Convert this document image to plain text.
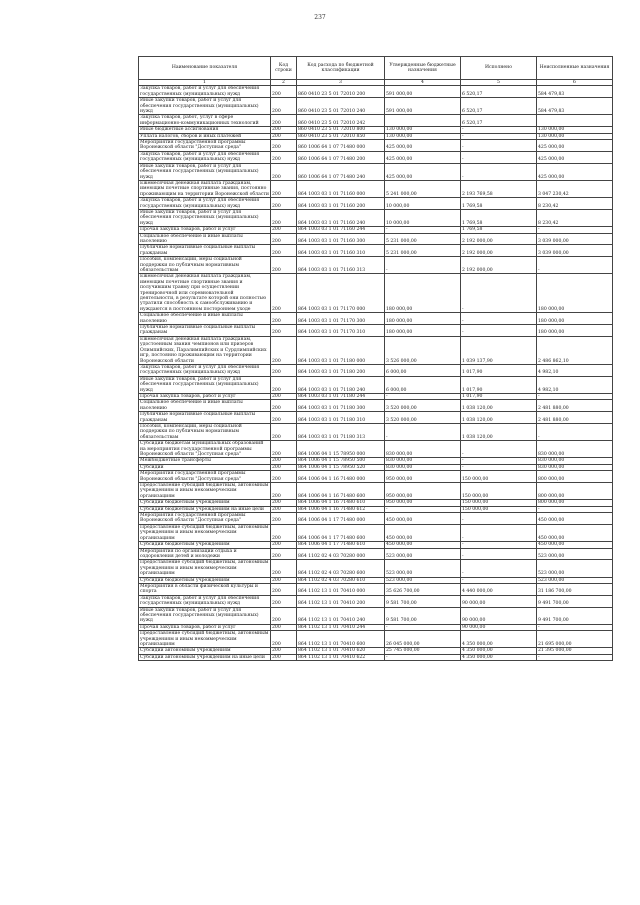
237
Наименование показателя	Код строки	Код расхода по бюджетной классификации	Утвержденные бюджетные назначения	Исполнено	Неисполненные назначения
1	2	3	4	5	6
Закупка товаров, работ и услуг для обеспечения государственных (муниципальных) нужд	200	860 0410 23 5 01 72010 200	591 000,00	6 520,17	584 479,83
Иные закупки товаров, работ и услуг для обеспечения государственных (муниципальных) нужд	200	860 0410 23 5 01 72010 240	591 000,00	6 520,17	584 479,83
Закупка товаров, работ, услуг в сфере информационно-коммуникационных технологий	200	860 0410 23 5 01 72010 242		6 520,17	
Иные бюджетные ассигнования	200	860 0410 23 5 01 72010 800	130 000,00	-	130 000,00
Уплата налогов, сборов и иных платежей	200	860 0410 23 5 01 72010 850	130 000,00	-	130 000,00
Мероприятия государственной программы Воронежской области "Доступная среда"	200	860 1006 64 1 07 71480 000	425 000,00	-	425 000,00
Закупка товаров, работ и услуг для обеспечения государственных (муниципальных) нужд	200	860 1006 64 1 07 71480 200	425 000,00	-	425 000,00
Иные закупки товаров, работ и услуг для обеспечения государственных (муниципальных) нужд	200	860 1006 64 1 07 71480 240	425 000,00	-	425 000,00
Ежемесячная денежная выплата гражданам, имеющим почетные спортивные звания, постоянно проживающим на территории Воронежской области	200	864 1003 03 1 01 71160 000	5 241 000,00	2 193 769,58	3 047 230,42
Закупка товаров, работ и услуг для обеспечения государственных (муниципальных) нужд	200	864 1003 03 1 01 71160 200	10 000,00	1 769,58	8 230,42
Иные закупки товаров, работ и услуг для обеспечения государственных (муниципальных) нужд	200	864 1003 03 1 01 71160 240	10 000,00	1 769,58	8 230,42
Прочая закупка товаров, работ и услуг	200	864 1003 03 1 01 71160 244	-	1 769,58	-
Социальное обеспечение и иные выплаты населению	200	864 1003 03 1 01 71160 300	5 231 000,00	2 192 000,00	3 039 000,00
Публичные нормативные социальные выплаты гражданам	200	864 1003 03 1 01 71160 310	5 231 000,00	2 192 000,00	3 039 000,00
Пособия, компенсации, меры социальной поддержки по публичным нормативным обязательствам	200	864 1003 03 1 01 71160 313	-	2 192 000,00	-
Ежемесячная денежная выплата гражданам, имеющим почетные спортивные звания и получившим травму при осуществлении тренировочной или соревновательной деятельности, в результате которой они полностью утратили способность к самообслуживанию и нуждаются в постоянном постороннем уходе	200	864 1003 03 1 01 71170 000	180 000,00	-	180 000,00
Социальное обеспечение и иные выплаты населению	200	864 1003 03 1 01 71170 300	180 000,00	-	180 000,00
Публичные нормативные социальные выплаты гражданам	200	864 1003 03 1 01 71170 310	180 000,00	-	180 000,00
Ежемесячная денежная выплата гражданам, удостоенным звания чемпионов или призеров Олимпийских, Паралимпийских и Сурдлимпийских игр, постоянно проживающим на территории Воронежской области	200	864 1003 03 1 01 71180 000	3 526 000,00	1 039 137,90	2 486 862,10
Закупка товаров, работ и услуг для обеспечения государственных (муниципальных) нужд	200	864 1003 03 1 01 71180 200	6 000,00	1 017,90	4 982,10
Иные закупки товаров, работ и услуг для обеспечения государственных (муниципальных) нужд	200	864 1003 03 1 01 71180 240	6 000,00	1 017,90	4 982,10
Прочая закупка товаров, работ и услуг	200	864 1003 03 1 01 71180 244	-	1 017,90	-
Социальное обеспечение и иные выплаты населению	200	864 1003 03 1 01 71180 300	3 520 000,00	1 038 120,00	2 481 880,00
Публичные нормативные социальные выплаты гражданам	200	864 1003 03 1 01 71180 310	3 520 000,00	1 038 120,00	2 481 880,00
Пособия, компенсации, меры социальной поддержки по публичным нормативным обязательствам	200	864 1003 03 1 01 71180 313	-	1 038 120,00	-
Субсидии бюджетам муниципальных образований на мероприятия государственной программы Воронежской области "Доступная среда"	200	864 1006 04 1 15 78950 000	830 000,00	-	830 000,00
Межбюджетные трансферты	200	864 1006 04 1 15 78950 500	830 000,00	-	830 000,00
Субсидии	200	864 1006 04 1 15 78950 520	830 000,00	-	830 000,00
Мероприятия государственной программы Воронежской области "Доступная среда"	200	864 1006 04 1 16 71480 000	950 000,00	150 000,00	800 000,00
Предоставление субсидий бюджетным, автономным учреждениям и иным некоммерческим организациям	200	864 1006 04 1 16 71480 600	950 000,00	150 000,00	800 000,00
Субсидии бюджетным учреждениям	200	864 1006 04 1 16 71480 610	950 000,00	150 000,00	800 000,00
Субсидии бюджетным учреждениям на иные цели	200	864 1006 04 1 16 71480 612	-	150 000,00	-
Мероприятия государственной программы Воронежской области "Доступная среда"	200	864 1006 04 1 17 71480 000	450 000,00	-	450 000,00
Предоставление субсидий бюджетным, автономным учреждениям и иным некоммерческим организациям	200	864 1006 04 1 17 71480 600	450 000,00	-	450 000,00
Субсидии бюджетным учреждениям	200	864 1006 04 1 17 71480 610	450 000,00	-	450 000,00
Мероприятия по организации отдыха и оздоровления детей и молодежи	200	864 1102 02 4 03 70280 000	523 000,00	-	523 000,00
Предоставление субсидий бюджетным, автономным учреждениям и иным некоммерческим организациям	200	864 1102 02 4 03 70280 600	523 000,00	-	523 000,00
Субсидии бюджетным учреждениям	200	864 1102 02 4 03 70280 610	523 000,00	-	523 000,00
Мероприятия в области физической культуры и спорта	200	864 1102 13 1 01 70410 000	35 626 700,00	4 440 000,00	31 186 700,00
Закупка товаров, работ и услуг для обеспечения государственных (муниципальных) нужд	200	864 1102 13 1 01 70410 200	9 581 700,00	90 000,00	9 491 700,00
Иные закупки товаров, работ и услуг для обеспечения государственных (муниципальных) нужд	200	864 1102 13 1 01 70410 240	9 581 700,00	90 000,00	9 491 700,00
Прочая закупка товаров, работ и услуг	200	864 1102 13 1 01 70410 244	-	90 000,00	-
Предоставление субсидий бюджетным, автономным учреждениям и иным некоммерческим организациям	200	864 1102 13 1 01 70410 600	26 045 000,00	4 350 000,00	21 695 000,00
Субсидии автономным учреждениям	200	864 1102 13 1 01 70410 620	25 745 000,00	4 350 000,00	21 395 000,00
Субсидии автономным учреждениям на иные цели	200	864 1102 13 1 01 70410 622	-	4 350 000,00	-
